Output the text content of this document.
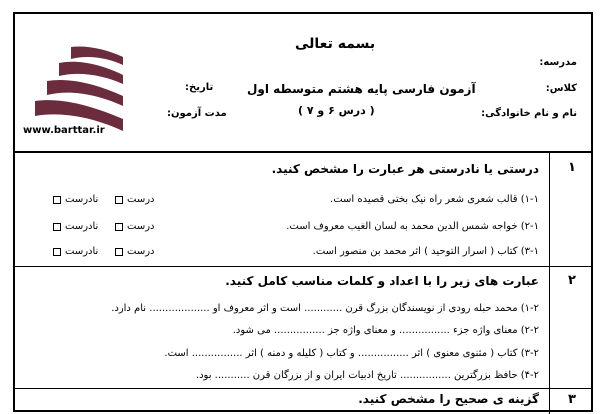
www.barttar.ir
بسمه تعالی
مدرسه:
کلاس:
نام و نام خانوادگی:
آزمون فارسی پایه هشتم متوسطه اول
( درس ۶ و ۷ )
تاریخ:
مدت آزمون:
۱
درستی یا نادرستی هر عبارت را مشخص کنید.
۱-۱) قالب شعری شعر راه نیک بختی قصیده است.
درست
نادرست
۲-۱) خواجه شمس الدین محمد به لسان الغیب معروف است.
درست
نادرست
۳-۱) کتاب ( اسرار التوحید ) اثر محمد بن منصور است.
درست
نادرست
۲
عبارت های زیر را با اعداد و کلمات مناسب کامل کنید.
۱-۲) محمد حبله رودی از نویسندگان بزرگ قرن ............ است و اثر معروف او ................... نام دارد.
۲-۲) معنای واژه جزء ................ و معنای واژه جز ................ می شود.
۳-۲) کتاب ( مثنوی معنوی ) اثر ................ و کتاب ( کلیله و دمنه ) اثر ................ است.
۴-۲) حافظ بزرگترین ................ تاریخ ادبیات ایران و از بزرگان قرن ........... بود.
۳
گزینه ی صحیح را مشخص کنید.
